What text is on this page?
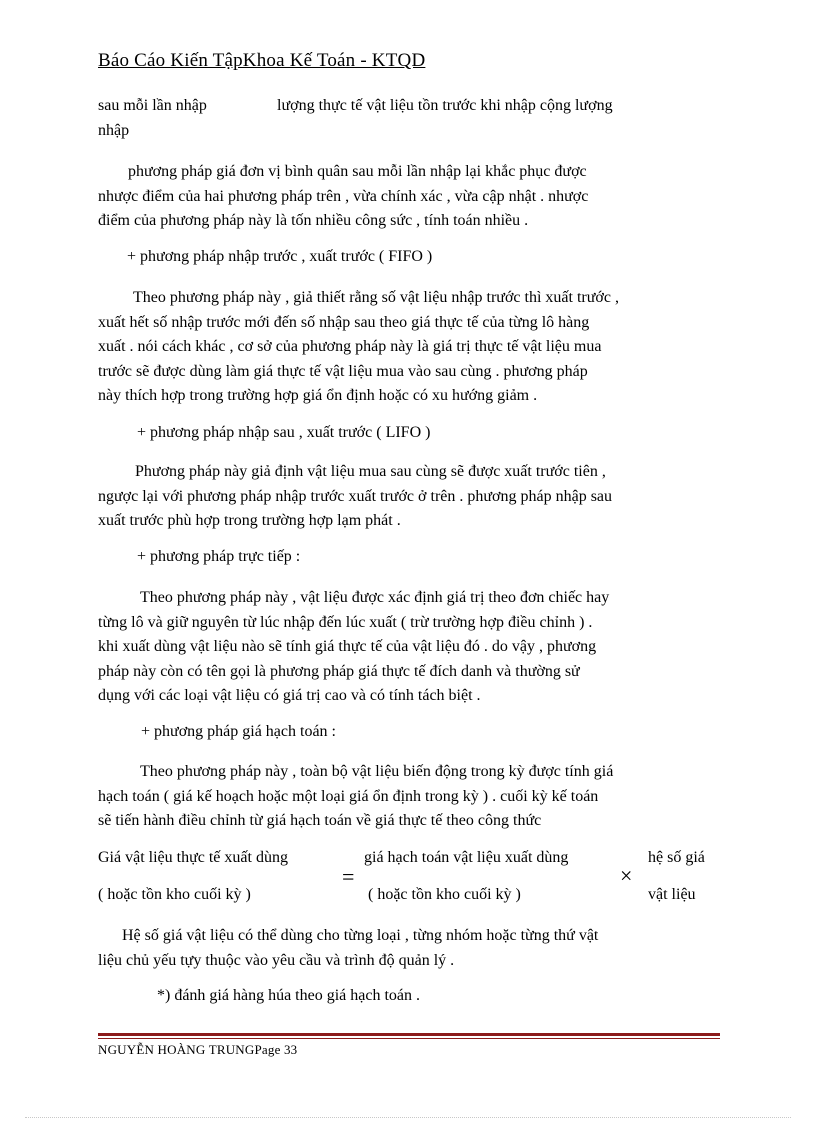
Báo Cáo Kiến TậpKhoa Kế Toán - KTQD
sau mỗi lần nhập	lượng thực tế vật liệu tồn trước khi nhập cộng lượng
nhập
phương pháp giá đơn vị bình quân sau mỗi lần nhập lại khắc phục được
nhược điểm của hai phương pháp trên , vừa chính xác , vừa cập nhật . nhược
điểm của phương pháp này là tốn nhiều công sức , tính toán nhiều .
+ phương pháp nhập trước , xuất trước ( FIFO )
Theo phương pháp này , giả thiết rằng số vật liệu nhập trước thì xuất trước ,
xuất hết số nhập trước mới đến số nhập sau theo giá thực tế của từng lô hàng
xuất . nói cách khác , cơ sở của phương pháp này là giá trị thực tế vật liệu mua
trước sẽ được dùng làm giá thực tế vật liệu mua vào sau cùng . phương pháp
này thích hợp trong trường hợp giá ổn định hoặc có xu hướng giảm .
+ phương pháp nhập sau , xuất trước ( LIFO )
Phương pháp này giả định vật liệu mua sau cùng sẽ được xuất trước tiên ,
ngược lại với phương pháp nhập trước xuất trước ở trên . phương pháp nhập sau
xuất trước phù hợp trong trường hợp lạm phát .
+ phương pháp trực tiếp :
Theo phương pháp này , vật liệu được xác định giá trị theo đơn chiếc hay
từng lô và giữ nguyên từ lúc nhập đến lúc xuất ( trừ trường hợp điều chỉnh ) .
khi xuất dùng vật liệu nào sẽ tính giá thực tế của vật liệu đó . do vậy , phương
pháp này còn có tên gọi là phương pháp giá thực tế đích danh và thường sử
dụng với các loại vật liệu có giá trị cao và có tính tách biệt .
+ phương pháp giá hạch toán :
Theo phương pháp này , toàn bộ vật liệu biến động trong kỳ được tính giá
hạch toán ( giá kế hoạch hoặc một loại giá ổn định trong kỳ ) . cuối kỳ kế toán
sẽ tiến hành điều chỉnh từ giá hạch toán về giá thực tế theo công thức
Giá vật liệu thực tế xuất dùng
( hoặc tồn kho cuối kỳ )
=
giá hạch toán vật liệu xuất dùng
( hoặc tồn kho cuối kỳ )
×
hệ số giá
vật liệu
Hệ số giá vật liệu có thể dùng cho từng loại , từng nhóm hoặc từng thứ vật
liệu chủ yếu tựy thuộc vào yêu cầu và trình độ quản lý .
*) đánh giá hàng húa theo giá hạch toán .
NGUYỄN HOÀNG TRUNGPage 33
